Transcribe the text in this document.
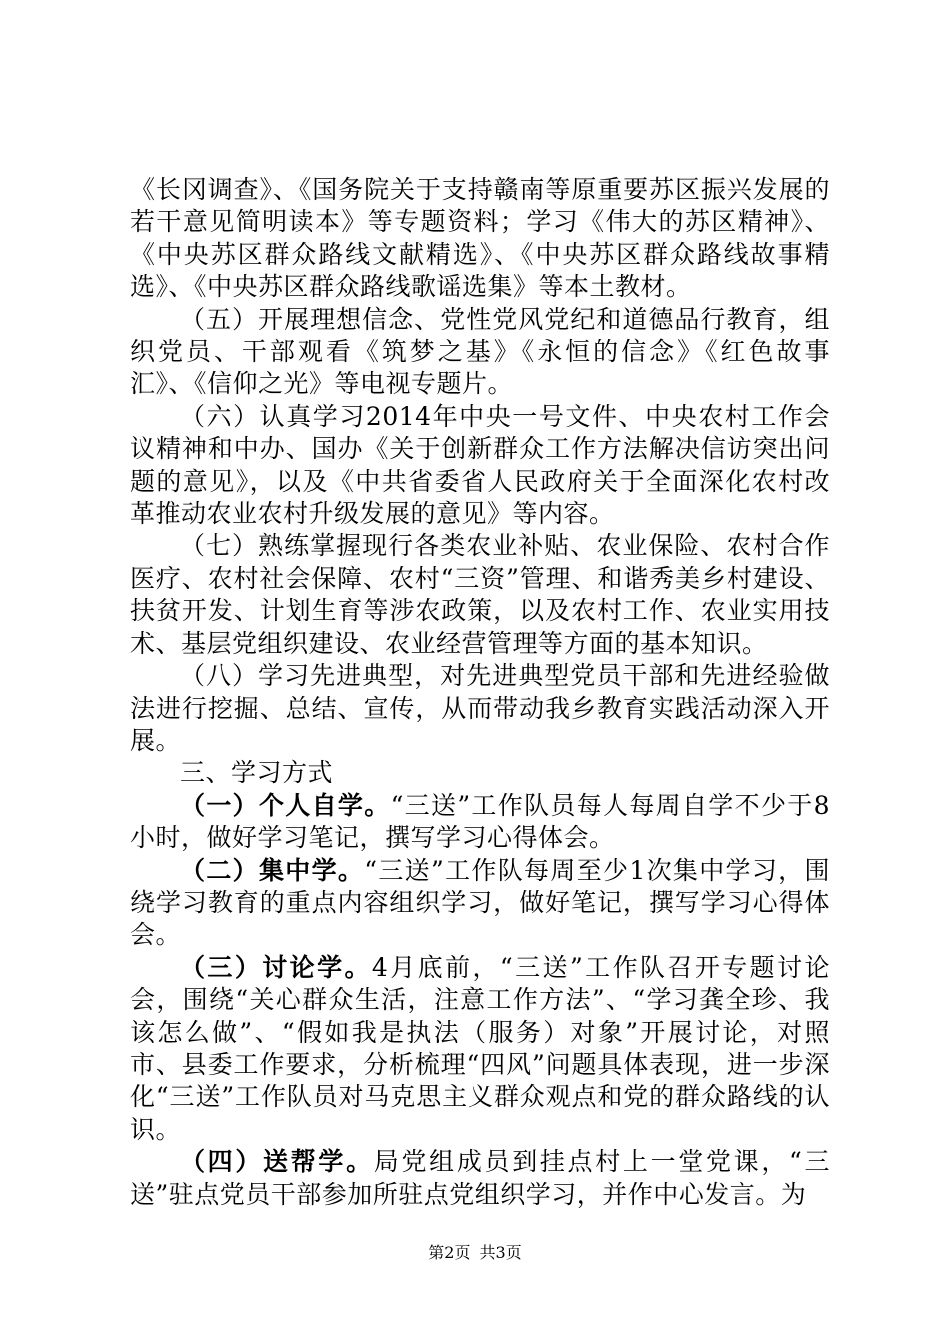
《长冈调查》、《国务院关于支持赣南等原重要苏区振兴发展的若干意见简明读本》等专题资料；学习《伟大的苏区精神》、《中央苏区群众路线文献精选》、《中央苏区群众路线故事精选》、《中央苏区群众路线歌谣选集》等本土教材。

（五）开展理想信念、党性党风党纪和道德品行教育，组织党员、干部观看《筑梦之基》《永恒的信念》《红色故事汇》、《信仰之光》等电视专题片。

（六）认真学习2014年中央一号文件、中央农村工作会议精神和中办、国办《关于创新群众工作方法解决信访突出问题的意见》，以及《中共省委省人民政府关于全面深化农村改革推动农业农村升级发展的意见》等内容。

（七）熟练掌握现行各类农业补贴、农业保险、农村合作医疗、农村社会保障、农村“三资”管理、和谐秀美乡村建设、扶贫开发、计划生育等涉农政策，以及农村工作、农业实用技术、基层党组织建设、农业经营管理等方面的基本知识。

（八）学习先进典型，对先进典型党员干部和先进经验做法进行挖掘、总结、宣传，从而带动我乡教育实践活动深入开展。

三、学习方式

（一）个人自学。“三送”工作队员每人每周自学不少于8小时，做好学习笔记，撰写学习心得体会。

（二）集中学。“三送”工作队每周至少1次集中学习，围绕学习教育的重点内容组织学习，做好笔记，撰写学习心得体会。

（三）讨论学。4月底前，“三送”工作队召开专题讨论会，围绕“关心群众生活，注意工作方法”、“学习龚全珍、我该怎么做”、“假如我是执法（服务）对象”开展讨论，对照市、县委工作要求，分析梳理“四风”问题具体表现，进一步深化“三送”工作队员对马克思主义群众观点和党的群众路线的认识。

（四）送帮学。局党组成员到挂点村上一堂党课，“三送”驻点党员干部参加所驻点党组织学习，并作中心发言。为

第2页 共3页
